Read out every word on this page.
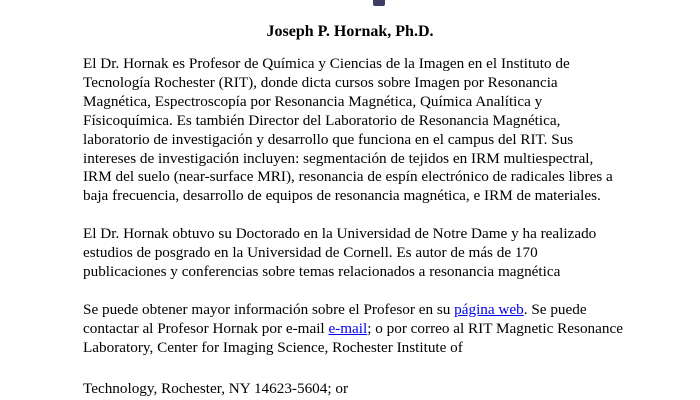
Joseph P. Hornak, Ph.D.

El Dr. Hornak es Profesor de Química y Ciencias de la Imagen en el Instituto de Tecnología Rochester (RIT), donde dicta cursos sobre Imagen por Resonancia Magnética, Espectroscopía por Resonancia Magnética, Química Analítica y Físicoquímica. Es también Director del Laboratorio de Resonancia Magnética, laboratorio de investigación y desarrollo que funciona en el campus del RIT. Sus intereses de investigación incluyen: segmentación de tejidos en IRM multiespectral, IRM del suelo (near-surface MRI), resonancia de espín electrónico de radicales libres a baja frecuencia, desarrollo de equipos de resonancia magnética, e IRM de materiales.

El Dr. Hornak obtuvo su Doctorado en la Universidad de Notre Dame y ha realizado estudios de posgrado en la Universidad de Cornell. Es autor de más de 170 publicaciones y conferencias sobre temas relacionados a resonancia magnética

Se puede obtener mayor información sobre el Profesor en su página web. Se puede contactar al Profesor Hornak por e-mail e-mail; o por correo al RIT Magnetic Resonance Laboratory, Center for Imaging Science, Rochester Institute of

Technology, Rochester, NY 14623-5604; or
